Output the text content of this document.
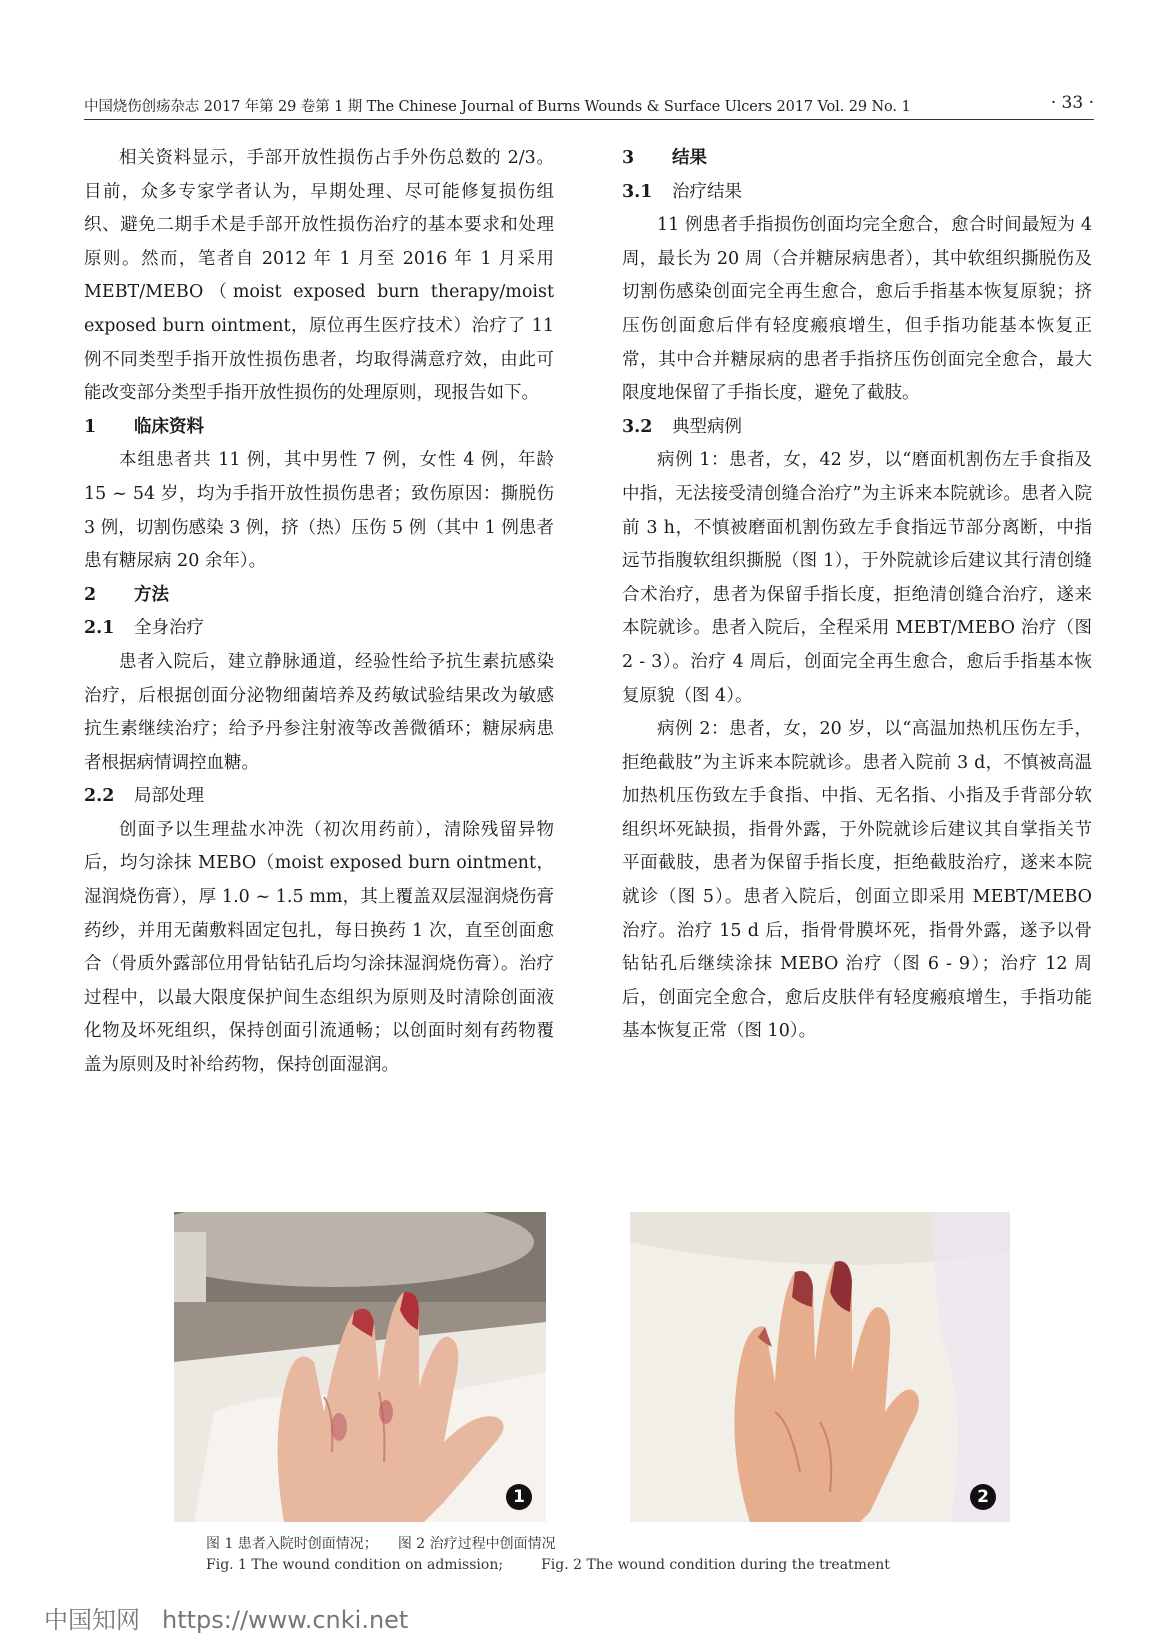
中国烧伤创疡杂志 2017 年第 29 卷第 1 期 The Chinese Journal of Burns Wounds & Surface Ulcers 2017 Vol. 29 No. 1	· 33 ·

相关资料显示，手部开放性损伤占手外伤总数的 2/3。目前，众多专家学者认为，早期处理、尽可能修复损伤组织、避免二期手术是手部开放性损伤治疗的基本要求和处理原则。然而，笔者自 2012 年 1 月至 2016 年 1 月采用 MEBT/MEBO（moist exposed burn therapy/moist exposed burn ointment，原位再生医疗技术）治疗了 11 例不同类型手指开放性损伤患者，均取得满意疗效，由此可能改变部分类型手指开放性损伤的处理原则，现报告如下。

1 临床资料

本组患者共 11 例，其中男性 7 例，女性 4 例，年龄 15 ~ 54 岁，均为手指开放性损伤患者；致伤原因：撕脱伤 3 例，切割伤感染 3 例，挤（热）压伤 5 例（其中 1 例患者患有糖尿病 20 余年）。

2 方法
2.1 全身治疗

患者入院后，建立静脉通道，经验性给予抗生素抗感染治疗，后根据创面分泌物细菌培养及药敏试验结果改为敏感抗生素继续治疗；给予丹参注射液等改善微循环；糖尿病患者根据病情调控血糖。

2.2 局部处理

创面予以生理盐水冲洗（初次用药前），清除残留异物后，均匀涂抹 MEBO（moist exposed burn ointment，湿润烧伤膏），厚 1.0 ~ 1.5 mm，其上覆盖双层湿润烧伤膏药纱，并用无菌敷料固定包扎，每日换药 1 次，直至创面愈合（骨质外露部位用骨钻钻孔后均匀涂抹湿润烧伤膏）。治疗过程中，以最大限度保护间生态组织为原则及时清除创面液化物及坏死组织，保持创面引流通畅；以创面时刻有药物覆盖为原则及时补给药物，保持创面湿润。

3 结果
3.1 治疗结果

11 例患者手指损伤创面均完全愈合，愈合时间最短为 4 周，最长为 20 周（合并糖尿病患者），其中软组织撕脱伤及切割伤感染创面完全再生愈合，愈后手指基本恢复原貌；挤压伤创面愈后伴有轻度瘢痕增生，但手指功能基本恢复正常，其中合并糖尿病的患者手指挤压伤创面完全愈合，最大限度地保留了手指长度，避免了截肢。

3.2 典型病例

病例 1：患者，女，42 岁，以“磨面机割伤左手食指及中指，无法接受清创缝合治疗”为主诉来本院就诊。患者入院前 3 h，不慎被磨面机割伤致左手食指远节部分离断，中指远节指腹软组织撕脱（图 1），于外院就诊后建议其行清创缝合术治疗，患者为保留手指长度，拒绝清创缝合治疗，遂来本院就诊。患者入院后，全程采用 MEBT/MEBO 治疗（图 2 - 3）。治疗 4 周后，创面完全再生愈合，愈后手指基本恢复原貌（图 4）。

病例 2：患者，女，20 岁，以“高温加热机压伤左手，拒绝截肢”为主诉来本院就诊。患者入院前 3 d，不慎被高温加热机压伤致左手食指、中指、无名指、小指及手背部分软组织坏死缺损，指骨外露，于外院就诊后建议其自掌指关节平面截肢，患者为保留手指长度，拒绝截肢治疗，遂来本院就诊（图 5）。患者入院后，创面立即采用 MEBT/MEBO 治疗。治疗 15 d 后，指骨骨膜坏死，指骨外露，遂予以骨钻钻孔后继续涂抹 MEBO 治疗（图 6 - 9）；治疗 12 周后，创面完全愈合，愈后皮肤伴有轻度瘢痕增生，手指功能基本恢复正常（图 10）。

1	2
图 1 患者入院时创面情况； 图 2 治疗过程中创面情况
Fig. 1 The wound condition on admission;	Fig. 2 The wound condition during the treatment
中国知网 https://www.cnki.net
